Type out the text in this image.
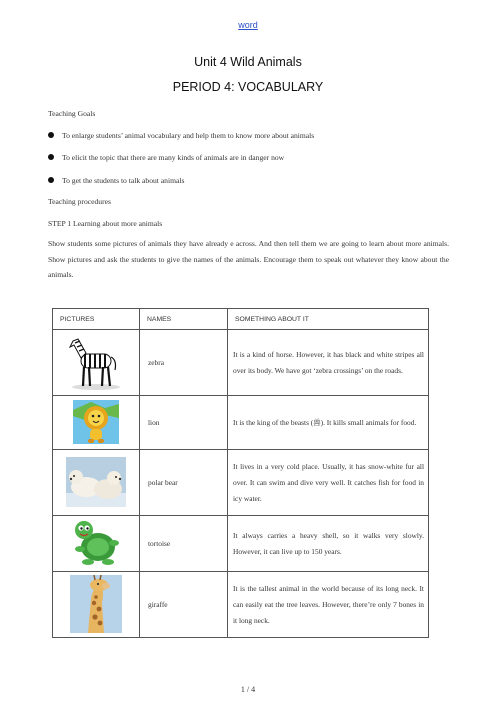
word
Unit 4 Wild Animals
PERIOD 4: VOCABULARY
Teaching Goals
To enlarge students’ animal vocabulary and help them to know more about animals
To elicit the topic that there are many kinds of animals are in danger now
To get the students to talk about animals
Teaching procedures
STEP 1 Learning about more animals
Show students some pictures of animals they have already e across. And then tell them we are going to learn about more animals. Show pictures and ask the students to give the names of the animals. Encourage them to speak out whatever they know about the animals.
PICTURES	NAMES	SOMETHING ABOUT IT
	zebra	It is a kind of horse. However, it has black and white stripes all over its body. We have got ‘zebra crossings’ on the roads.
	lion	It is the king of the beasts (兽). It kills small animals for food.
	polar bear	It lives in a very cold place. Usually, it has snow-white fur all over. It can swim and dive very well. It catches fish for food in icy water.
	tortoise	It always carries a heavy shell, so it walks very slowly. However, it can live up to 150 years.
	giraffe	It is the tallest animal in the world because of its long neck. It can easily eat the tree leaves. However, there’re only 7 bones in it long neck.
1 / 4
